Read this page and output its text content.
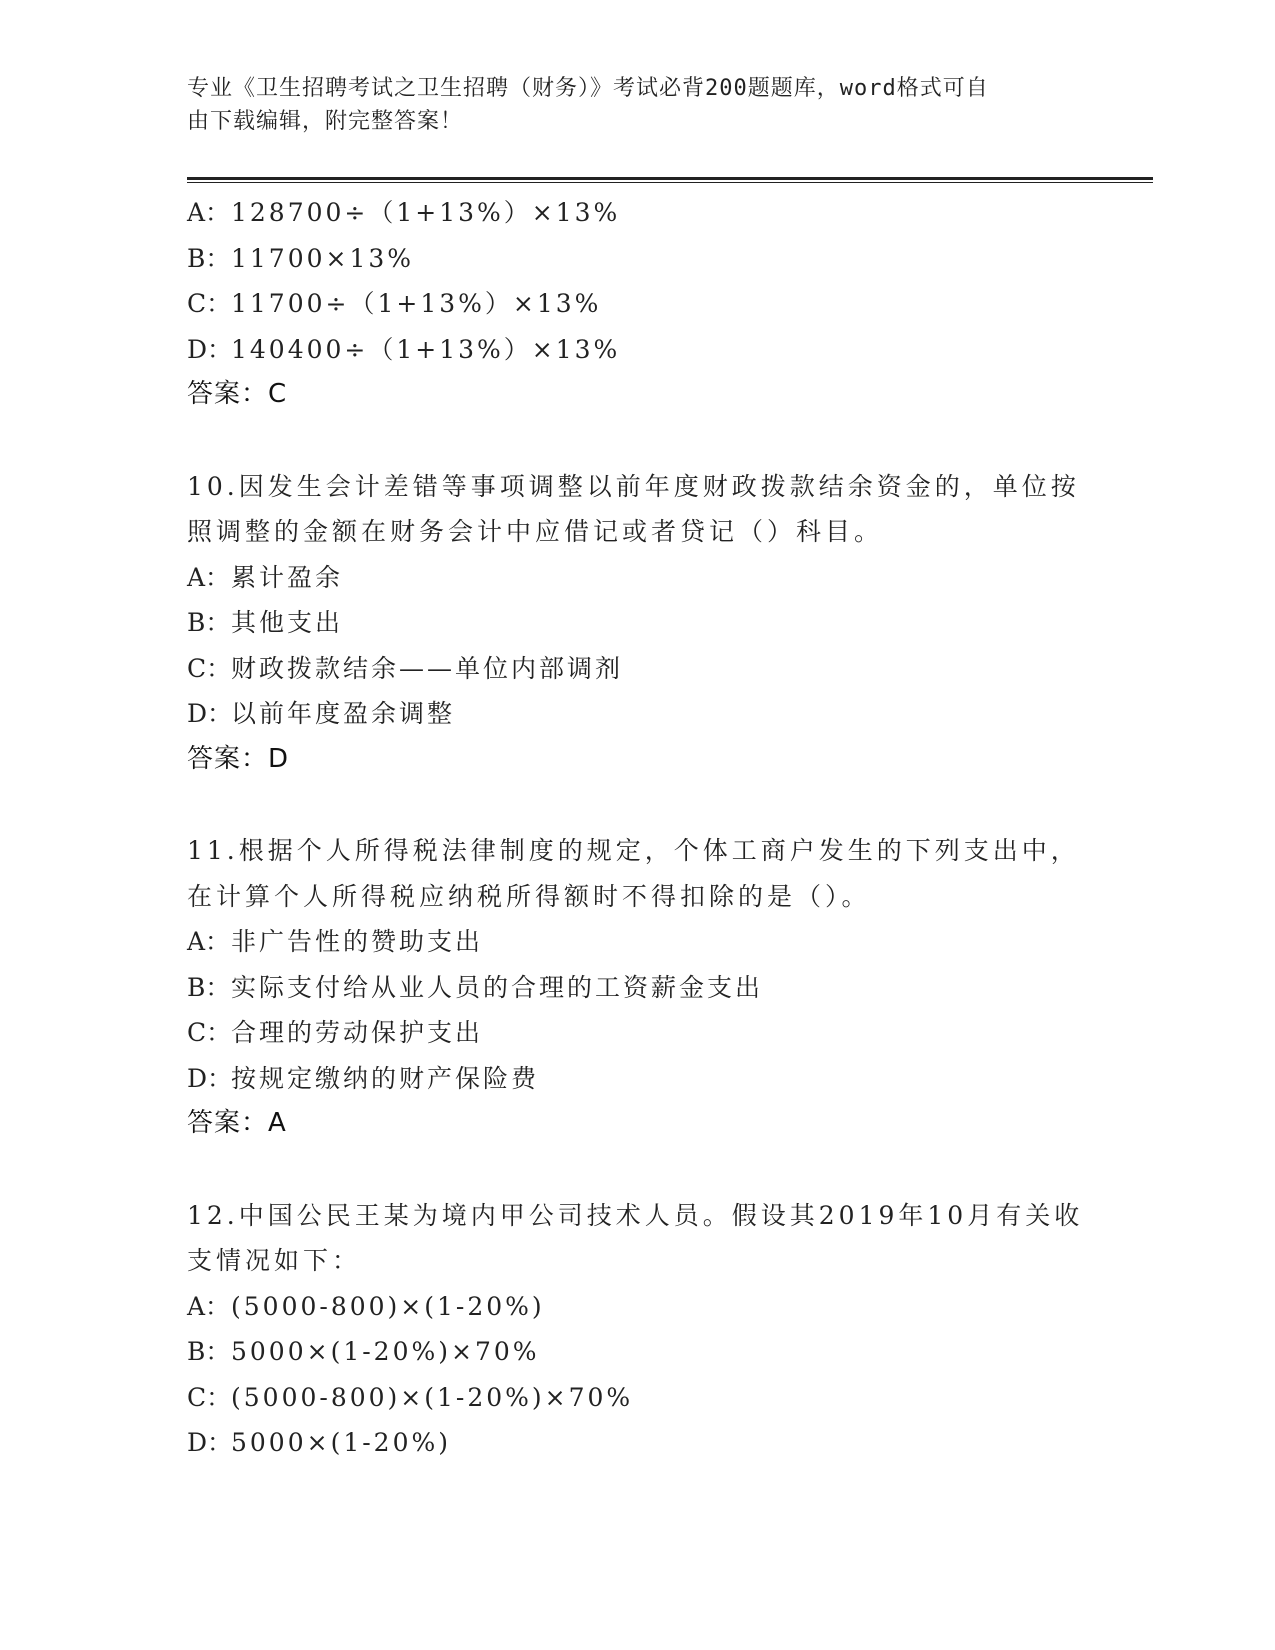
专业《卫生招聘考试之卫生招聘（财务）》考试必背200题题库，word格式可自
由下载编辑，附完整答案！
A：128700÷（1+13%）×13%
B：11700×13%
C：11700÷（1+13%）×13%
D：140400÷（1+13%）×13%
答案：C
10.因发生会计差错等事项调整以前年度财政拨款结余资金的，单位按
照调整的金额在财务会计中应借记或者贷记（）科目。
A：累计盈余
B：其他支出
C：财政拨款结余——单位内部调剂
D：以前年度盈余调整
答案：D
11.根据个人所得税法律制度的规定，个体工商户发生的下列支出中，
在计算个人所得税应纳税所得额时不得扣除的是（）。
A：非广告性的赞助支出
B：实际支付给从业人员的合理的工资薪金支出
C：合理的劳动保护支出
D：按规定缴纳的财产保险费
答案：A
12.中国公民王某为境内甲公司技术人员。假设其2019年10月有关收
支情况如下：
A：(5000-800)×(1-20%)
B：5000×(1-20%)×70%
C：(5000-800)×(1-20%)×70%
D：5000×(1-20%)
